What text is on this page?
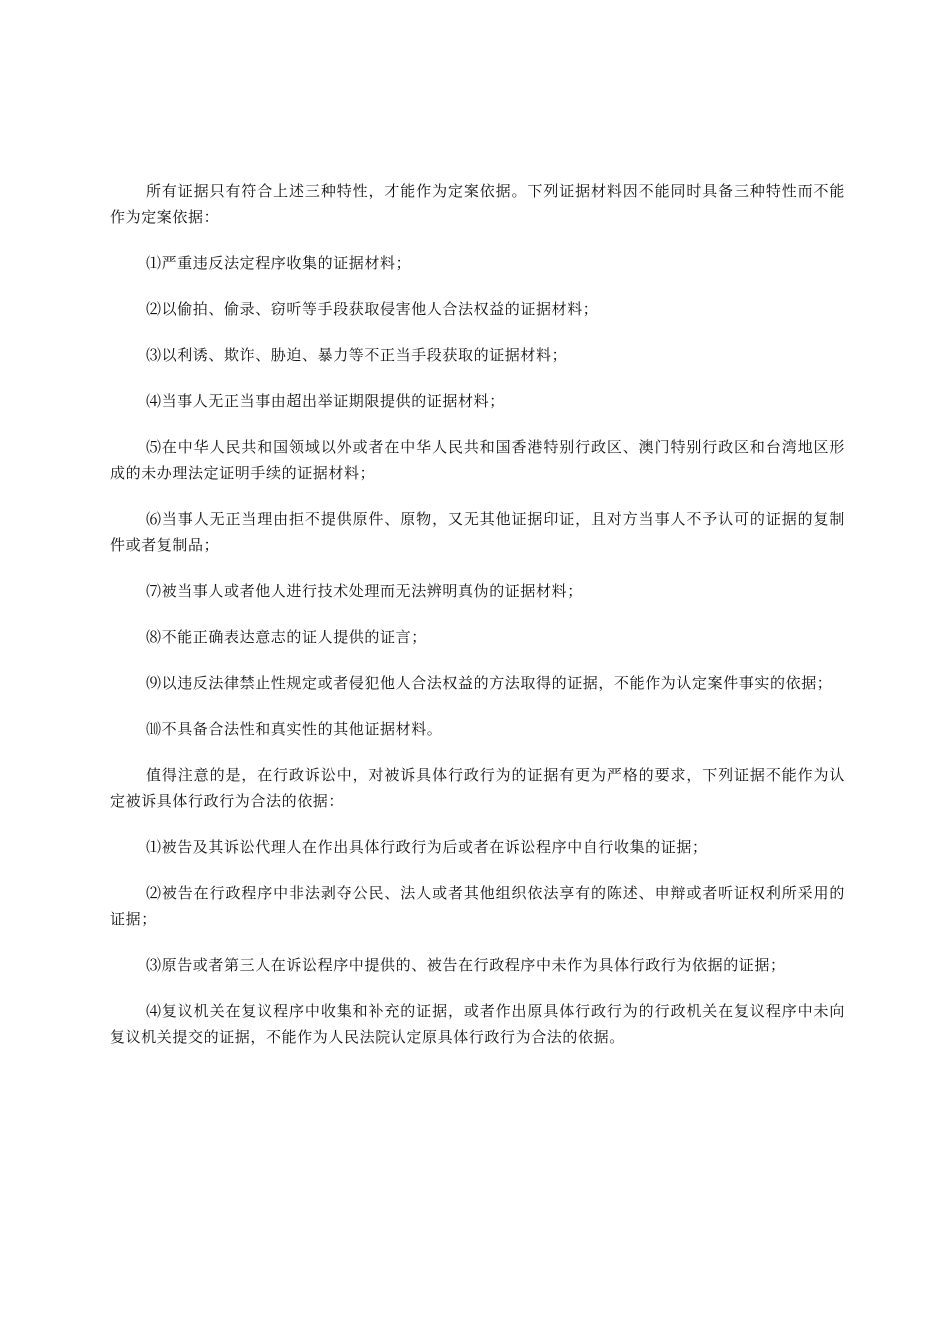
所有证据只有符合上述三种特性，才能作为定案依据。下列证据材料因不能同时具备三种特性而不能作为定案依据：

⑴严重违反法定程序收集的证据材料；

⑵以偷拍、偷录、窃听等手段获取侵害他人合法权益的证据材料；

⑶以利诱、欺诈、胁迫、暴力等不正当手段获取的证据材料；

⑷当事人无正当事由超出举证期限提供的证据材料；

⑸在中华人民共和国领域以外或者在中华人民共和国香港特别行政区、澳门特别行政区和台湾地区形成的未办理法定证明手续的证据材料；

⑹当事人无正当理由拒不提供原件、原物，又无其他证据印证，且对方当事人不予认可的证据的复制件或者复制品；

⑺被当事人或者他人进行技术处理而无法辨明真伪的证据材料；

⑻不能正确表达意志的证人提供的证言；

⑼以违反法律禁止性规定或者侵犯他人合法权益的方法取得的证据，不能作为认定案件事实的依据；

⑽不具备合法性和真实性的其他证据材料。

值得注意的是，在行政诉讼中，对被诉具体行政行为的证据有更为严格的要求，下列证据不能作为认定被诉具体行政行为合法的依据：

⑴被告及其诉讼代理人在作出具体行政行为后或者在诉讼程序中自行收集的证据；

⑵被告在行政程序中非法剥夺公民、法人或者其他组织依法享有的陈述、申辩或者听证权利所采用的证据；

⑶原告或者第三人在诉讼程序中提供的、被告在行政程序中未作为具体行政行为依据的证据；

⑷复议机关在复议程序中收集和补充的证据，或者作出原具体行政行为的行政机关在复议程序中未向复议机关提交的证据，不能作为人民法院认定原具体行政行为合法的依据。
